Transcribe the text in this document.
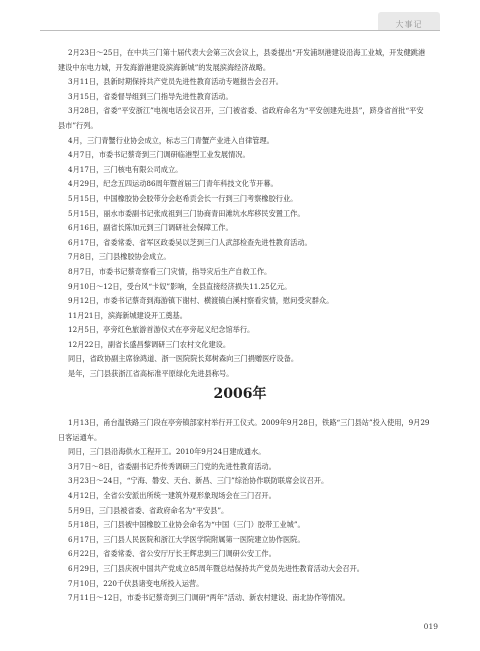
大事记

2月23日～25日，在中共三门第十届代表大会第三次会议上，县委提出“开发浦坝港建设沿海工业城，开发健跳港建设中东电力城，开发海游港建设滨海新城”的发展滨海经济战略。

3月11日，县新时期保持共产党员先进性教育活动专题报告会召开。

3月15日，省委督导组到三门指导先进性教育活动。

3月28日，省委“平安浙江”电视电话会议召开，三门被省委、省政府命名为“平安创建先进县”，跻身省首批“平安县市”行列。

4月，三门青蟹行业协会成立，标志三门青蟹产业进入自律管理。

4月7日，市委书记蔡奇到三门调研临港型工业发展情况。

4月17日，三门核电有限公司成立。

4月29日，纪念五四运动86周年暨首届三门青年科技文化节开幕。

5月15日，中国橡胶协会胶带分会赵希贡会长一行到三门考察橡胶行业。

5月15日，丽水市委副书记张成祖到三门协商青田滩坑水库移民安置工作。

6月16日，副省长陈加元到三门调研社会保障工作。

6月17日，省委常委、省军区政委吴以芝到三门人武部检查先进性教育活动。

7月8日，三门县橡胶协会成立。

8月7日，市委书记蔡奇察看三门灾情，指导灾后生产自救工作。

9月10日～12日，受台风“卡奴”影响，全县直接经济损失11.25亿元。

9月12日，市委书记蔡奇到海游镇下谢村、横渡镇白溪村察看灾情，慰问受灾群众。

11月21日，滨海新城建设开工奠基。

12月5日，亭旁红色旅游首游仪式在亭旁起义纪念馆举行。

12月22日，副省长盛昌黎调研三门农村文化建设。

同日，省政协副主席徐鸿道、浙一医院院长郑树森向三门捐赠医疗设备。

是年，三门县获浙江省高标准平原绿化先进县称号。

2006年

1月13日，甬台温铁路三门段在亭旁镇部家村举行开工仪式。2009年9月28日，铁路“三门县站”投入使用，9月29日客运通车。

同日，三门县沿海供水工程开工。2010年9月24日建成通水。

3月7日～8日，省委副书记乔传秀调研三门党的先进性教育活动。

3月23日～24日，“宁海、磐安、天台、新昌、三门”综治协作联防联席会议召开。

4月12日，全省公安派出所统一建筑外观形象现场会在三门召开。

5月9日，三门县被省委、省政府命名为“平安县”。

5月18日，三门县被中国橡胶工业协会命名为“中国（三门）胶带工业城”。

6月17日，三门县人民医院和浙江大学医学院附属第一医院建立协作医院。

6月22日，省委常委、省公安厅厅长王辉忠到三门调研公安工作。

6月29日，三门县庆祝中国共产党成立85周年暨总结保持共产党员先进性教育活动大会召开。

7月10日，220千伏县诸变电所投入运营。

7月11日～12日，市委书记蔡奇到三门调研“两年”活动、新农村建设、南北协作等情况。

019
